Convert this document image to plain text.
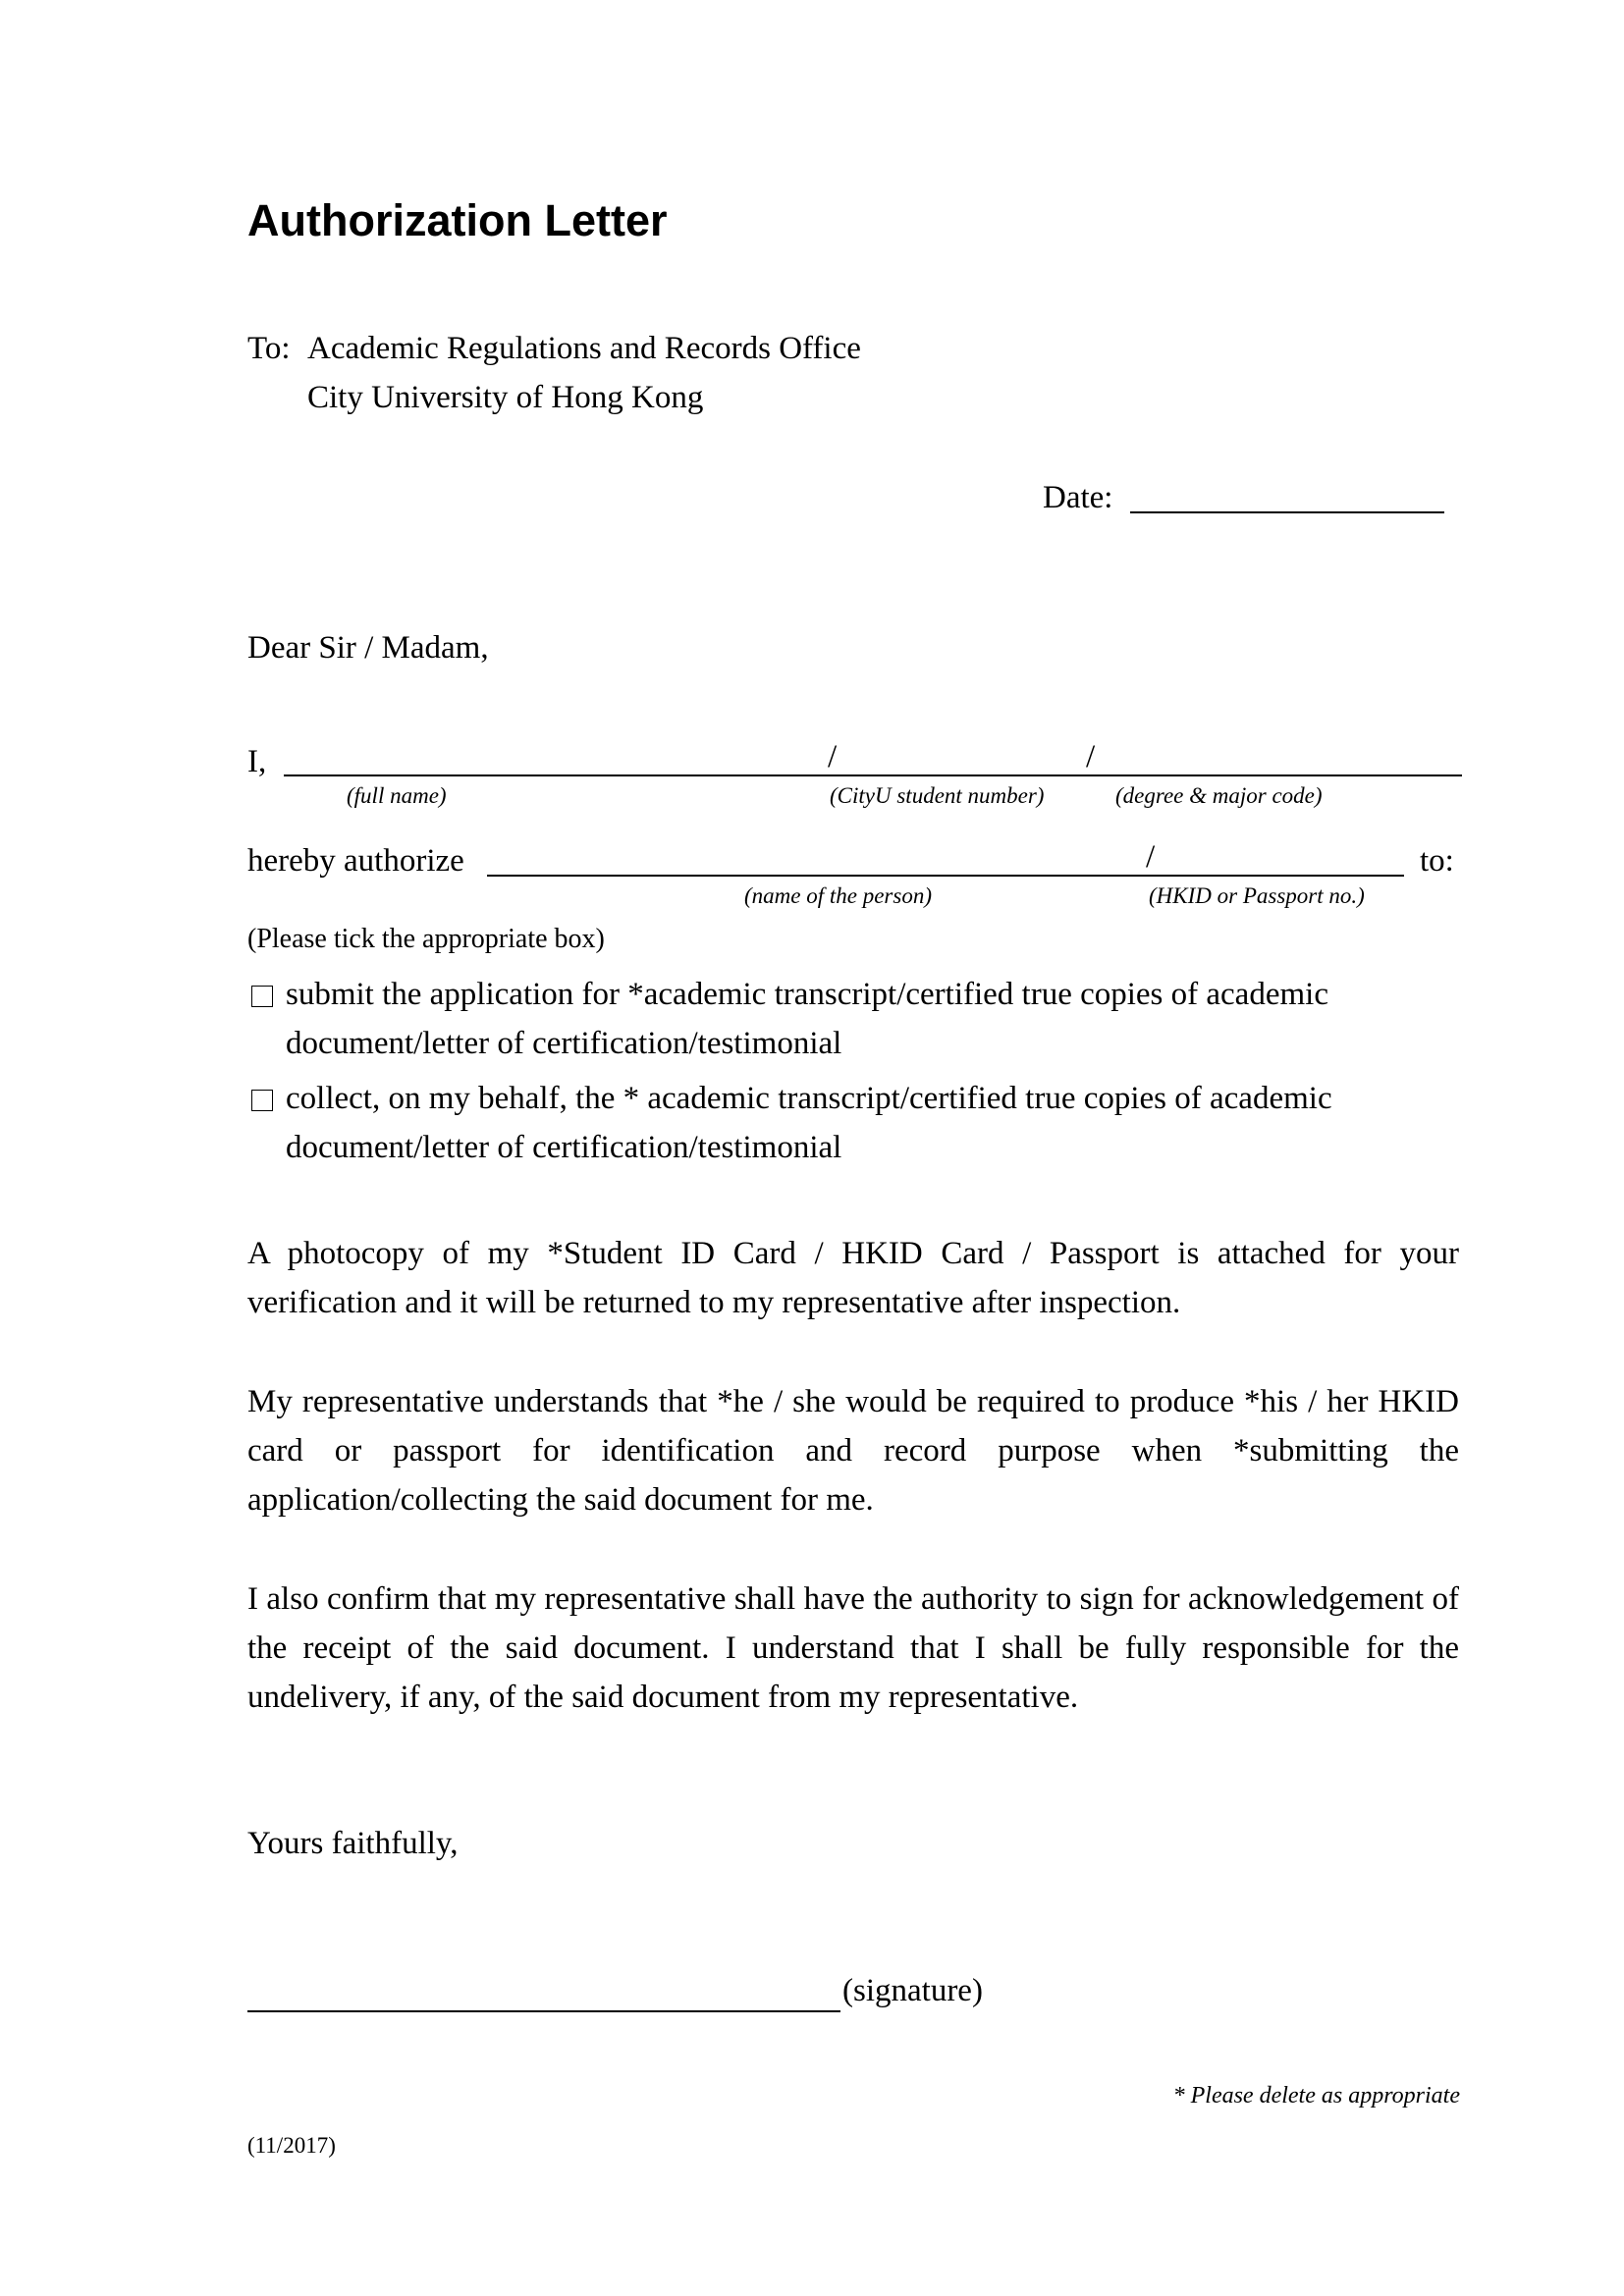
Authorization Letter
To: Academic Regulations and Records Office
City University of Hong Kong
Date:
Dear Sir / Madam,
I,	/	/
(full name)	(CityU student number)	(degree & major code)
hereby authorize	/	to:
(name of the person)	(HKID or Passport no.)
(Please tick the appropriate box)
submit the application for *academic transcript/certified true copies of academic
document/letter of certification/testimonial
collect, on my behalf, the * academic transcript/certified true copies of academic
document/letter of certification/testimonial
A photocopy of my *Student ID Card / HKID Card / Passport is attached for your verification and it will be returned to my representative after inspection.
My representative understands that *he / she would be required to produce *his / her HKID card or passport for identification and record purpose when *submitting the application/collecting the said document for me.
I also confirm that my representative shall have the authority to sign for acknowledgement of the receipt of the said document. I understand that I shall be fully responsible for the undelivery, if any, of the said document from my representative.
Yours faithfully,
(signature)
* Please delete as appropriate
(11/2017)
